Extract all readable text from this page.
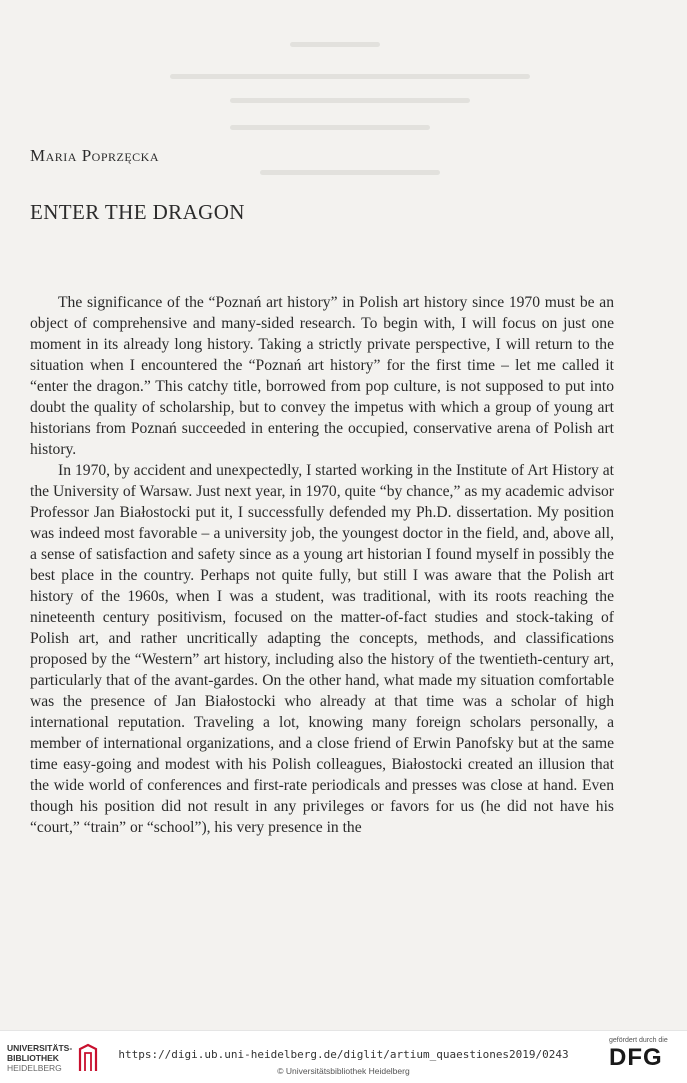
Maria Poprzęcka
ENTER THE DRAGON

The significance of the “Poznań art history” in Polish art history since 1970 must be an object of comprehensive and many-sided research. To begin with, I will focus on just one moment in its already long history. Taking a strictly private perspective, I will return to the situation when I encountered the “Poznań art history” for the first time – let me called it “enter the dragon.” This catchy title, borrowed from pop culture, is not supposed to put into doubt the quality of scholarship, but to convey the impetus with which a group of young art historians from Poznań succeeded in entering the occupied, conservative arena of Polish art history.

In 1970, by accident and unexpectedly, I started working in the Institute of Art History at the University of Warsaw. Just next year, in 1970, quite “by chance,” as my academic advisor Professor Jan Białostocki put it, I successfully defended my Ph.D. dissertation. My position was indeed most favorable – a university job, the youngest doctor in the field, and, above all, a sense of satisfaction and safety since as a young art historian I found myself in possibly the best place in the country. Perhaps not quite fully, but still I was aware that the Polish art history of the 1960s, when I was a student, was traditional, with its roots reaching the nineteenth century positivism, focused on the matter-of-fact studies and stock-taking of Polish art, and rather uncritically adapting the concepts, methods, and classifications proposed by the “Western” art history, including also the history of the twentieth-century art, particularly that of the avant-gardes. On the other hand, what made my situation comfortable was the presence of Jan Białostocki who already at that time was a scholar of high international reputation. Traveling a lot, knowing many foreign scholars personally, a member of international organizations, and a close friend of Erwin Panofsky but at the same time easy-going and modest with his Polish colleagues, Białostocki created an illusion that the wide world of conferences and first-rate periodicals and presses was close at hand. Even though his position did not result in any privileges or favors for us (he did not have his “court,” “train” or “school”), his very presence in the

UNIVERSITÄTS-
BIBLIOTHEK
HEIDELBERG
https://digi.ub.uni-heidelberg.de/diglit/artium_quaestiones2019/0243
© Universitätsbibliothek Heidelberg
gefördert durch die
DFG
